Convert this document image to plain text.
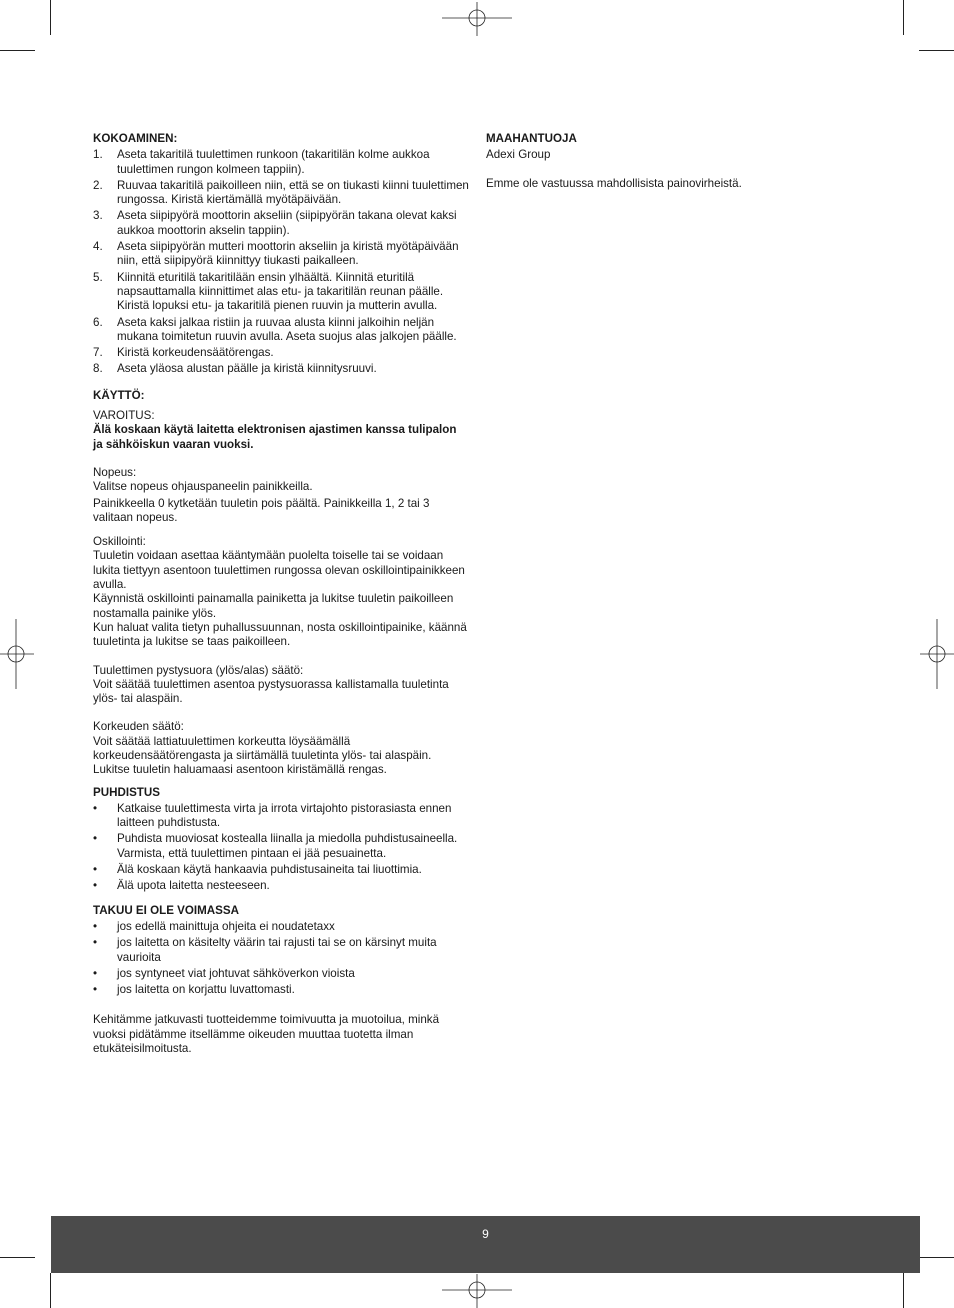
KOKOAMINEN:

1. Aseta takaritilä tuulettimen runkoon (takaritilän kolme aukkoa tuulettimen rungon kolmeen tappiin).
2. Ruuvaa takaritilä paikoilleen niin, että se on tiukasti kiinni tuulettimen rungossa. Kiristä kiertämällä myötäpäivään.
3. Aseta siipipyörä moottorin akseliin (siipipyörän takana olevat kaksi aukkoa moottorin akselin tappiin).
4. Aseta siipipyörän mutteri moottorin akseliin ja kiristä myötäpäivään niin, että siipipyörä kiinnittyy tiukasti paikalleen.
5. Kiinnitä eturitilä takaritilään ensin ylhäältä. Kiinnitä eturitilä napsauttamalla kiinnittimet alas etu- ja takaritilän reunan päälle. Kiristä lopuksi etu- ja takaritilä pienen ruuvin ja mutterin avulla.
6. Aseta kaksi jalkaa ristiin ja ruuvaa alusta kiinni jalkoihin neljän mukana toimitetun ruuvin avulla. Aseta suojus alas jalkojen päälle.
7. Kiristä korkeudensäätörengas.
8. Aseta yläosa alustan päälle ja kiristä kiinnitysruuvi.

KÄYTTÖ:

VAROITUS:

Älä koskaan käytä laitetta elektronisen ajastimen kanssa tulipalon ja sähköiskun vaaran vuoksi.

Nopeus:

Valitse nopeus ohjauspaneelin painikkeilla.

Painikkeella 0 kytketään tuuletin pois päältä. Painikkeilla 1, 2 tai 3 valitaan nopeus.

Oskillointi:

Tuuletin voidaan asettaa kääntymään puolelta toiselle tai se voidaan lukita tiettyyn asentoon tuulettimen rungossa olevan oskillointipainikkeen avulla.

Käynnistä oskillointi painamalla painiketta ja lukitse tuuletin paikoilleen nostamalla painike ylös.

Kun haluat valita tietyn puhallussuunnan, nosta oskillointipainike, käännä tuuletinta ja lukitse se taas paikoilleen.

Tuulettimen pystysuora (ylös/alas) säätö:

Voit säätää tuulettimen asentoa pystysuorassa kallistamalla tuuletinta ylös- tai alaspäin.

Korkeuden säätö:

Voit säätää lattiatuulettimen korkeutta löysäämällä korkeudensäätörengasta ja siirtämällä tuuletinta ylös- tai alaspäin. Lukitse tuuletin haluamaasi asentoon kiristämällä rengas.

PUHDISTUS

• Katkaise tuulettimesta virta ja irrota virtajohto pistorasiasta ennen laitteen puhdistusta.
• Puhdista muoviosat kostealla liinalla ja miedolla puhdistusaineella. Varmista, että tuulettimen pintaan ei jää pesuainetta.
• Älä koskaan käytä hankaavia puhdistusaineita tai liuottimia.
• Älä upota laitetta nesteeseen.

TAKUU EI OLE VOIMASSA

• jos edellä mainittuja ohjeita ei noudatetaxx
• jos laitetta on käsitelty väärin tai rajusti tai se on kärsinyt muita vaurioita
• jos syntyneet viat johtuvat sähköverkon vioista
• jos laitetta on korjattu luvattomasti.

Kehitämme jatkuvasti tuotteidemme toimivuutta ja muotoilua, minkä vuoksi pidätämme itsellämme oikeuden muuttaa tuotetta ilman etukäteisilmoitusta.

MAAHANTUOJA

Adexi Group

Emme ole vastuussa mahdollisista painovirheistä.

9
